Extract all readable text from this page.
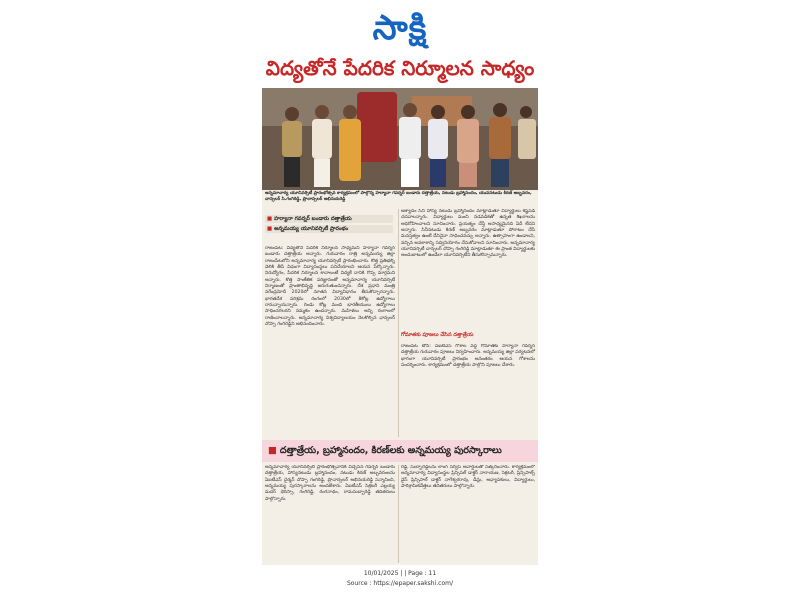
సాక్షి
విద్యతోనే పేదరిక నిర్మూలన సాధ్యం
అన్నమాచార్య యూనివర్సిటీ ప్రారంభోత్సవ కార్యక్రమంలో పాల్గొన్న హర్యానా గవర్నర్ బండారు దత్తాత్రేయ, నటుడు బ్రహ్మానందం, యువనటుడు కిరణ్ అబ్బవరం, చాన్సలర్ సి.గంగిరెడ్డి, ప్రొచాన్సలర్ అభినయరెడ్డి
■ హర్యానా గవర్నర్ బండారు దత్తాత్రేయ
■ అన్నమయ్య యూనివర్సిటీ ప్రారంభం
రాజంపేట: విద్యతోనే పేదరిక నిర్మూలన సాధ్యమని హర్యానా గవర్నర్ బండారు దత్తాత్రేయ అన్నారు. గురువారం రాత్రి అన్నమయ్య జిల్లా రాజంపేటలోని అన్నమాచార్య యూనివర్సిటీ ప్రారంభించారు. కొత్త ప్రతిభల్ని వెలికి తీసే విధంగా విద్యాసంస్థలు పనిచేయాలని ఆయన పేర్కొన్నారు. నిరుద్యోగం, పేదరిక నిర్మూలన కావాలంటే విద్యకే దానికి గొప్ప మార్గమని అన్నారు. కొత్త సాంకేతిక పరిజ్ఞానంతో అన్నమాచార్య యూనివర్సిటీ నిర్మాణంతో ప్రాంతాభివృద్ధి జరుగుతుందన్నారు. దేశ ప్రధాని మంత్రి నరేంద్రమోదీ 2020లో నూతన విద్యావిధానం తీసుకొచ్చారన్నారు. భారతదేశ పరిశ్రమ రంగంలో 2030లో 8కోట్ల ఉద్యోగాలు రానున్నాయన్నారు. రెండు కోట్ల మంది భారతీయులు ఉద్యోగాలు సాధించగలరని నమ్మకం ఉందన్నారు. మహిళలు అన్ని రంగాలలో రాణించాలన్నారు. అన్నమాచార్య విశ్వవిద్యాలయం నెలకొల్పిన ఛాన్సలర్ చొప్పా గంగిరెడ్డిని అభినందించారు.
ఆశ్యాదం సినీ హాస్య నటుడు బ్రహ్మానందం మాట్లాడుతూ విద్యార్థులు కష్టపడి చదవాలన్నారు. విద్యార్థులు మంచి నడవడికతో ఉన్నత శిఖరాలను అధిరోహించాలని సూచించారు. ప్రయత్నం చేస్తే అసాధ్యమైనది ఏదీ లేదని అన్నారు. సినీనటుడు కిరణ్ అబ్బవరం మాట్లాడుతూ పోరాటం చేసే మనస్తత్వం ఉంటే దేనినైనా సాధించవచ్చు అన్నారు. ఉత్సాహంగా ఉండాలని, వచ్చిన అవకాశాన్ని సద్వినియోగం చేసుకోవాలని సూచించారు. అన్నమాచార్య యూనివర్సిటీ చాన్సలర్ చొప్పా గంగిరెడ్డి మాట్లాడుతూ ఈ ప్రాంత విద్యార్థులకు అందుబాటులో ఉండేలా యూనివర్సిటీని తీసుకొచ్చామన్నారు.
గోమాతకు పూజలు చేసిన దత్తాత్రేయ
రాజంపేట టౌన్: ఏఐటీఎస్ గోశాల వద్ద గోమాతకు హర్యానా గవర్నర్ దత్తాత్రేయ గురువారం పూజలు నిర్వహించారు. అన్నమయ్య జిల్లా పర్యటనలో భాగంగా యూనివర్సిటీ ప్రారంభం అనంతరం ఆయన గోశాలను సందర్శించారు. కార్యక్రమంలో దత్తాత్రేయ పాల్గొని పూజలు చేశారు.
■ దత్తాత్రేయ, బ్రహ్మానందం, కిరణ్‌లకు అన్నమయ్య పురస్కారాలు
అన్నమాచార్య యూనివర్సిటీ ప్రారంభోత్సవానికి విచ్చేసిన గవర్నర్ బండారు దత్తాత్రేయ, హాస్యనటుడు బ్రహ్మానందం, నటుడు కిరణ్ అబ్బవరంలను ఏఐటీఎస్ చైర్మన్ చొప్పా గంగిరెడ్డి, ప్రొచాన్సలర్ అభినయరెడ్డి సన్మానించి, అన్నమయ్య పురస్కారాలను అందజేశారు. ఏఐటీఎస్ సెక్రటరీ ఎల్లయ్య మదర్ థెరిస్సా, గంగిరెడ్డి, రంగనాథం, రామసుబ్బారెడ్డి తదితరులు పాల్గొన్నారు.
రెడ్డి, సుబ్బారెడ్డిలను లాంగ్ సర్వీస్ అవార్డులతో సత్కరించారు. కార్యక్రమంలో అన్నమాచార్య విద్యాసంస్థల ప్రిన్సిపల్ డాక్టర్ నారాయణ, సెక్రటరీ, ప్రిన్సిపాల్స్ వైస్ ప్రిన్సిపాల్ డాక్టర్ నాగేశ్వరరావు, డీన్లు, అధ్యాపకులు, విద్యార్థులు, పారిశ్రామికవేత్తలు తదితరులు పాల్గొన్నారు.
10/01/2025 | | Page : 11
Source : https://epaper.sakshi.com/
